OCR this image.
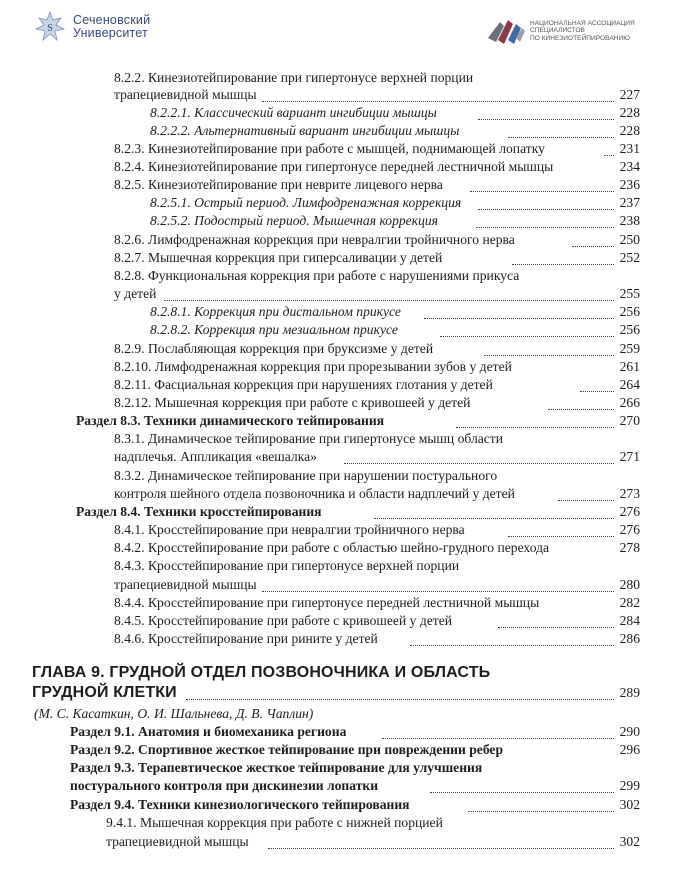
S
Сеченовский
Университет
НАЦИОНАЛЬНАЯ АССОЦИАЦИЯ
СПЕЦИАЛИСТОВ
ПО КИНЕЗИОТЕЙПИРОВАНИЮ
8.2.2. Кинезиотейпирование при гипертонусе верхней порции
трапециевидной мышцы	227
8.2.2.1. Классический вариант ингибиции мышцы	228
8.2.2.2. Альтернативный вариант ингибиции мышцы	228
8.2.3. Кинезиотейпирование при работе с мышцей, поднимающей лопатку	231
8.2.4. Кинезиотейпирование при гипертонусе передней лестничной мышцы	234
8.2.5. Кинезиотейпирование при неврите лицевого нерва	236
8.2.5.1. Острый период. Лимфодренажная коррекция	237
8.2.5.2. Подострый период. Мышечная коррекция	238
8.2.6. Лимфодренажная коррекция при невралгии тройничного нерва	250
8.2.7. Мышечная коррекция при гиперсаливации у детей	252
8.2.8. Функциональная коррекция при работе с нарушениями прикуса
у детей	255
8.2.8.1. Коррекция при дистальном прикусе	256
8.2.8.2. Коррекция при мезиальном прикусе	256
8.2.9. Послабляющая коррекция при бруксизме у детей	259
8.2.10. Лимфодренажная коррекция при прорезывании зубов у детей	261
8.2.11. Фасциальная коррекция при нарушениях глотания у детей	264
8.2.12. Мышечная коррекция при работе с кривошеей у детей	266
Раздел 8.3. Техники динамического тейпирования	270
8.3.1. Динамическое тейпирование при гипертонусе мышц области
надплечья. Аппликация «вешалка»	271
8.3.2. Динамическое тейпирование при нарушении постурального
контроля шейного отдела позвоночника и области надплечий у детей	273
Раздел 8.4. Техники кросстейпирования	276
8.4.1. Кросстейпирование при невралгии тройничного нерва	276
8.4.2. Кросстейпирование при работе с областью шейно-грудного перехода	278
8.4.3. Кросстейпирование при гипертонусе верхней порции
трапециевидной мышцы	280
8.4.4. Кросстейпирование при гипертонусе передней лестничной мышцы	282
8.4.5. Кросстейпирование при работе с кривошеей у детей	284
8.4.6. Кросстейпирование при рините у детей	286
ГЛАВА 9. ГРУДНОЙ ОТДЕЛ ПОЗВОНОЧНИКА И ОБЛАСТЬ
ГРУДНОЙ КЛЕТКИ	289
(М. С. Касаткин, О. И. Шальнева, Д. В. Чаплин)
Раздел 9.1. Анатомия и биомеханика региона	290
Раздел 9.2. Спортивное жесткое тейпирование при повреждении ребер	296
Раздел 9.3. Терапевтическое жесткое тейпирование для улучшения
постурального контроля при дискинезии лопатки	299
Раздел 9.4. Техники кинезиологического тейпирования	302
9.4.1. Мышечная коррекция при работе с нижней порцией
трапециевидной мышцы	302
